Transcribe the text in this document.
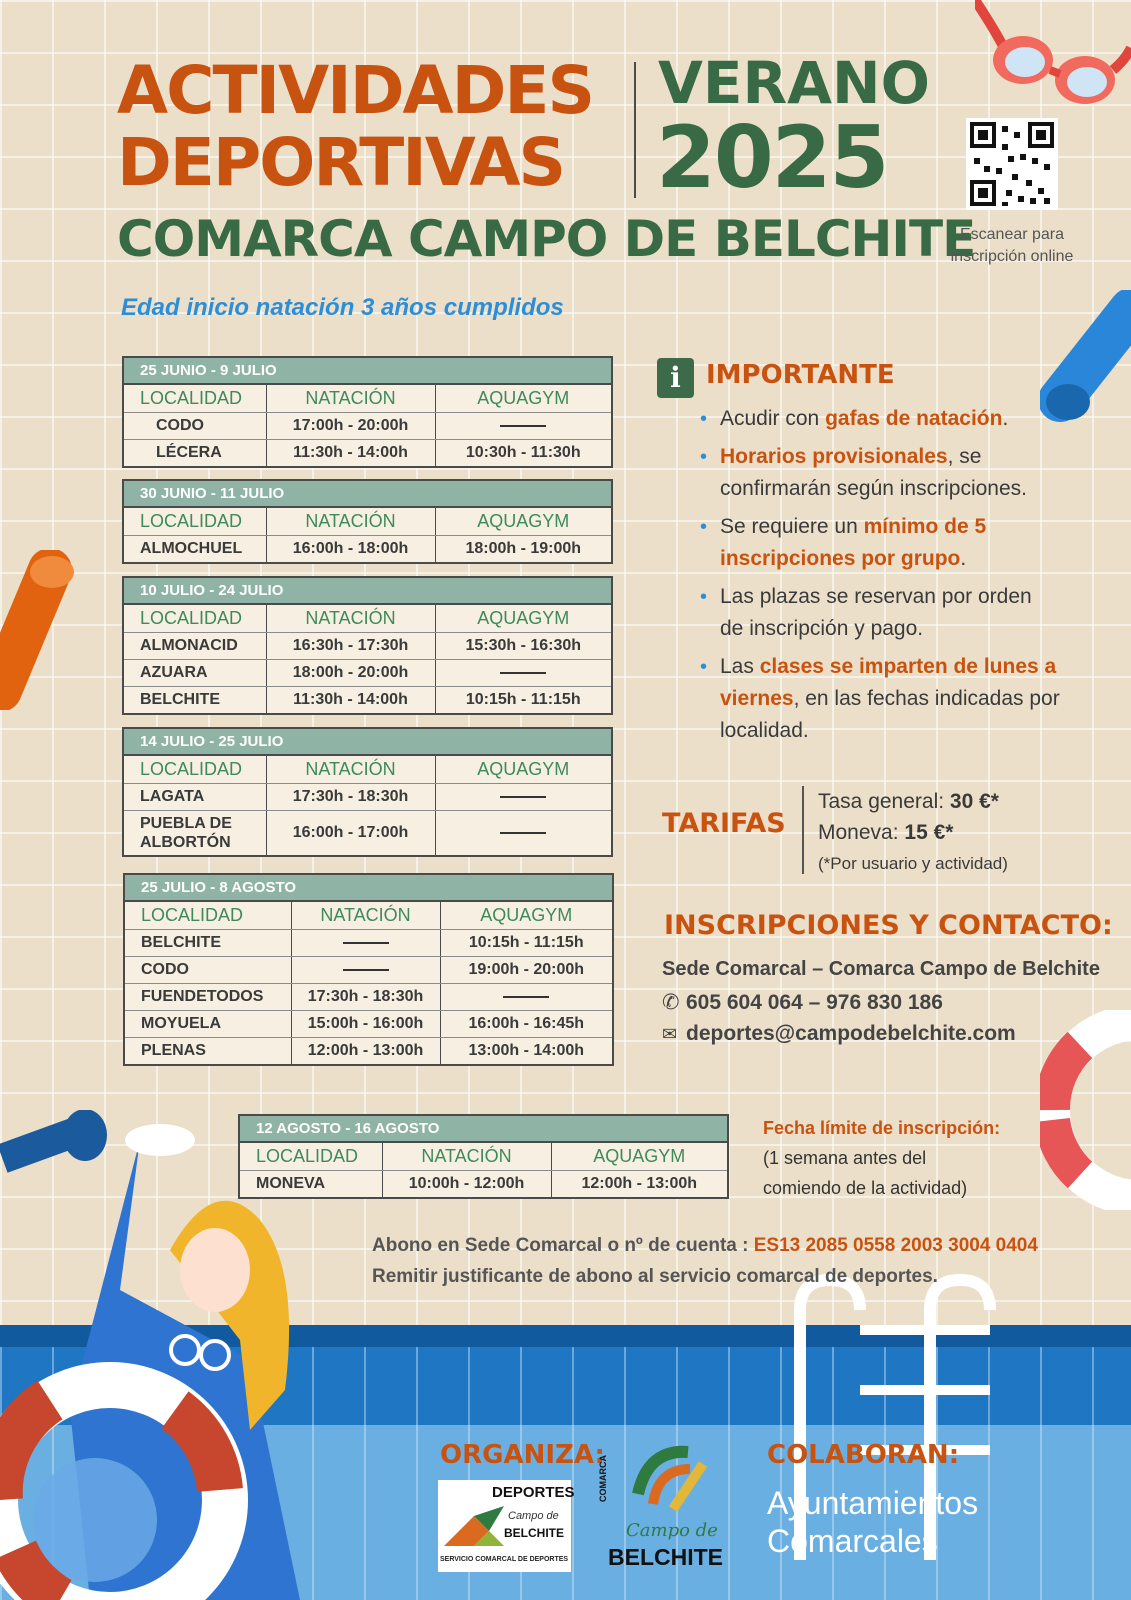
ACTIVIDADES
DEPORTIVAS
VERANO
2025
COMARCA CAMPO DE BELCHITE
Escanear para
inscripción online
Edad inicio natación 3 años cumplidos
25 JUNIO - 9 JULIO
LOCALIDAD	NATACIÓN	AQUAGYM
CODO	17:00h - 20:00h	
LÉCERA	11:30h - 14:00h	10:30h - 11:30h
30 JUNIO - 11 JULIO
LOCALIDAD	NATACIÓN	AQUAGYM
ALMOCHUEL	16:00h - 18:00h	18:00h - 19:00h
10 JULIO - 24 JULIO
LOCALIDAD	NATACIÓN	AQUAGYM
ALMONACID	16:30h - 17:30h	15:30h - 16:30h
AZUARA	18:00h - 20:00h	
BELCHITE	11:30h - 14:00h	10:15h - 11:15h
14 JULIO - 25 JULIO
LOCALIDAD	NATACIÓN	AQUAGYM
LAGATA	17:30h - 18:30h	
PUEBLA DE ALBORTÓN	16:00h - 17:00h	
25 JULIO - 8 AGOSTO
LOCALIDAD	NATACIÓN	AQUAGYM
BELCHITE		10:15h - 11:15h
CODO		19:00h - 20:00h
FUENDETODOS	17:30h - 18:30h	
MOYUELA	15:00h - 16:00h	16:00h - 16:45h
PLENAS	12:00h - 13:00h	13:00h - 14:00h
12 AGOSTO - 16 AGOSTO
LOCALIDAD	NATACIÓN	AQUAGYM
MONEVA	10:00h - 12:00h	12:00h - 13:00h
i IMPORTANTE
• Acudir con gafas de natación.
• Horarios provisionales, se confirmarán según inscripciones.
• Se requiere un mínimo de 5 inscripciones por grupo.
• Las plazas se reservan por orden de inscripción y pago.
• Las clases se imparten de lunes a viernes, en las fechas indicadas por localidad.
TARIFAS
Tasa general: 30 €*
Moneva: 15 €*
(*Por usuario y actividad)
INSCRIPCIONES Y CONTACTO:
Sede Comarcal – Comarca Campo de Belchite
✆ 605 604 064 – 976 830 186
✉ deportes@campodebelchite.com
Fecha límite de inscripción:
(1 semana antes del
comiendo de la actividad)
Abono en Sede Comarcal o nº de cuenta : ES13 2085 0558 2003 3004 0404
Remitir justificante de abono al servicio comarcal de deportes.
ORGANIZA:
DEPORTES
Campo de
BELCHITE
SERVICIO COMARCAL DE DEPORTES
COMARCA
Campo de
BELCHITE
COLABORAN:
Ayuntamientos
Comarcales
